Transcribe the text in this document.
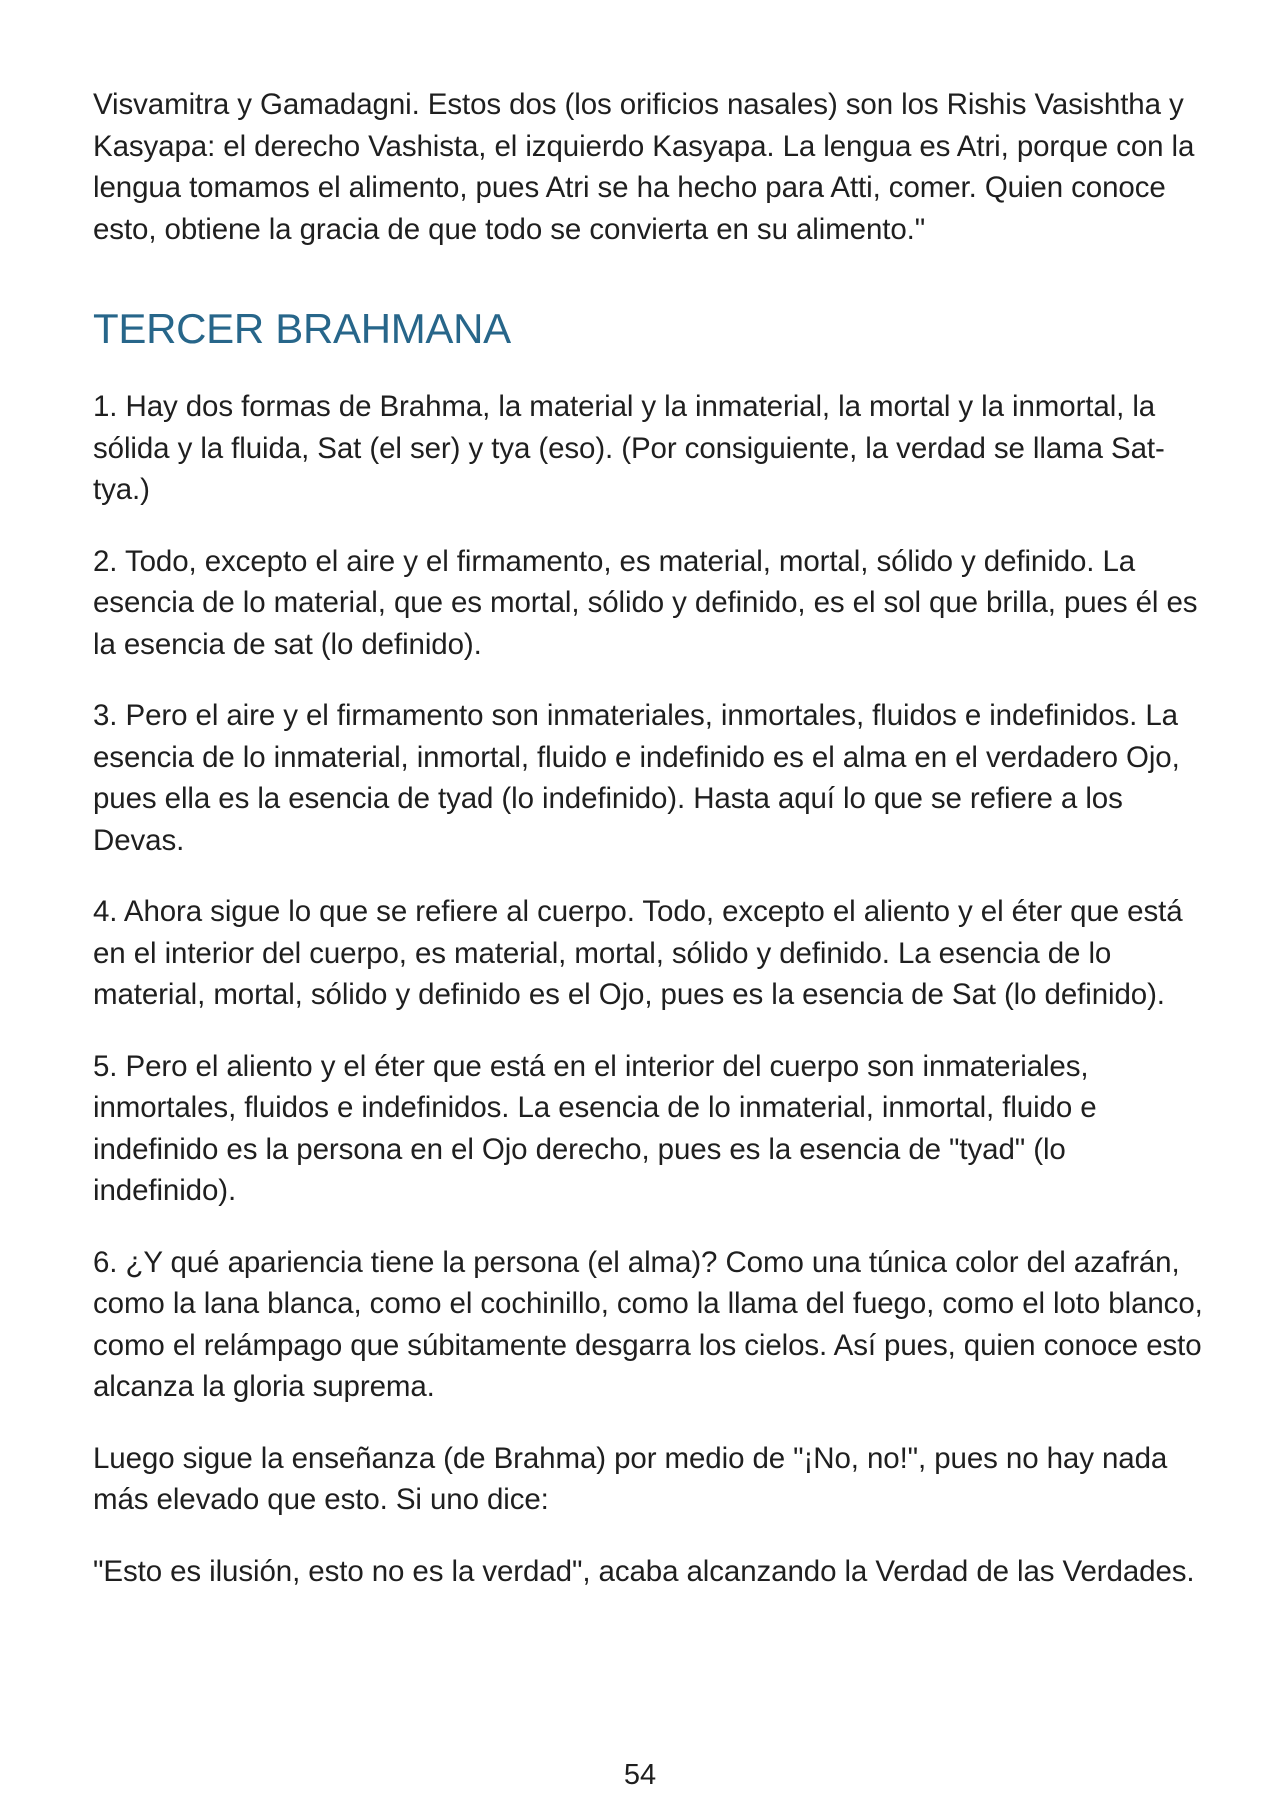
Visvamitra y Gamadagni. Estos dos (los orificios nasales) son los Rishis Vasishtha y Kasyapa: el derecho Vashista, el izquierdo Kasyapa. La lengua es Atri, porque con la lengua tomamos el alimento, pues Atri se ha hecho para Atti, comer. Quien conoce esto, obtiene la gracia de que todo se convierta en su alimento."

TERCER BRAHMANA

1. Hay dos formas de Brahma, la material y la inmaterial, la mortal y la inmortal, la sólida y la fluida, Sat (el ser) y tya (eso). (Por consiguiente, la verdad se llama Sat-tya.)

2. Todo, excepto el aire y el firmamento, es material, mortal, sólido y definido. La esencia de lo material, que es mortal, sólido y definido, es el sol que brilla, pues él es la esencia de sat (lo definido).

3. Pero el aire y el firmamento son inmateriales, inmortales, fluidos e indefinidos. La esencia de lo inmaterial, inmortal, fluido e indefinido es el alma en el verdadero Ojo, pues ella es la esencia de tyad (lo indefinido). Hasta aquí lo que se refiere a los Devas.

4. Ahora sigue lo que se refiere al cuerpo. Todo, excepto el aliento y el éter que está en el interior del cuerpo, es material, mortal, sólido y definido. La esencia de lo material, mortal, sólido y definido es el Ojo, pues es la esencia de Sat (lo definido).

5. Pero el aliento y el éter que está en el interior del cuerpo son inmateriales, inmortales, fluidos e indefinidos. La esencia de lo inmaterial, inmortal, fluido e indefinido es la persona en el Ojo derecho, pues es la esencia de "tyad" (lo indefinido).

6. ¿Y qué apariencia tiene la persona (el alma)? Como una túnica color del azafrán, como la lana blanca, como el cochinillo, como la llama del fuego, como el loto blanco, como el relámpago que súbitamente desgarra los cielos. Así pues, quien conoce esto alcanza la gloria suprema.

Luego sigue la enseñanza (de Brahma) por medio de "¡No, no!", pues no hay nada más elevado que esto. Si uno dice:

"Esto es ilusión, esto no es la verdad", acaba alcanzando la Verdad de las Verdades.

54
